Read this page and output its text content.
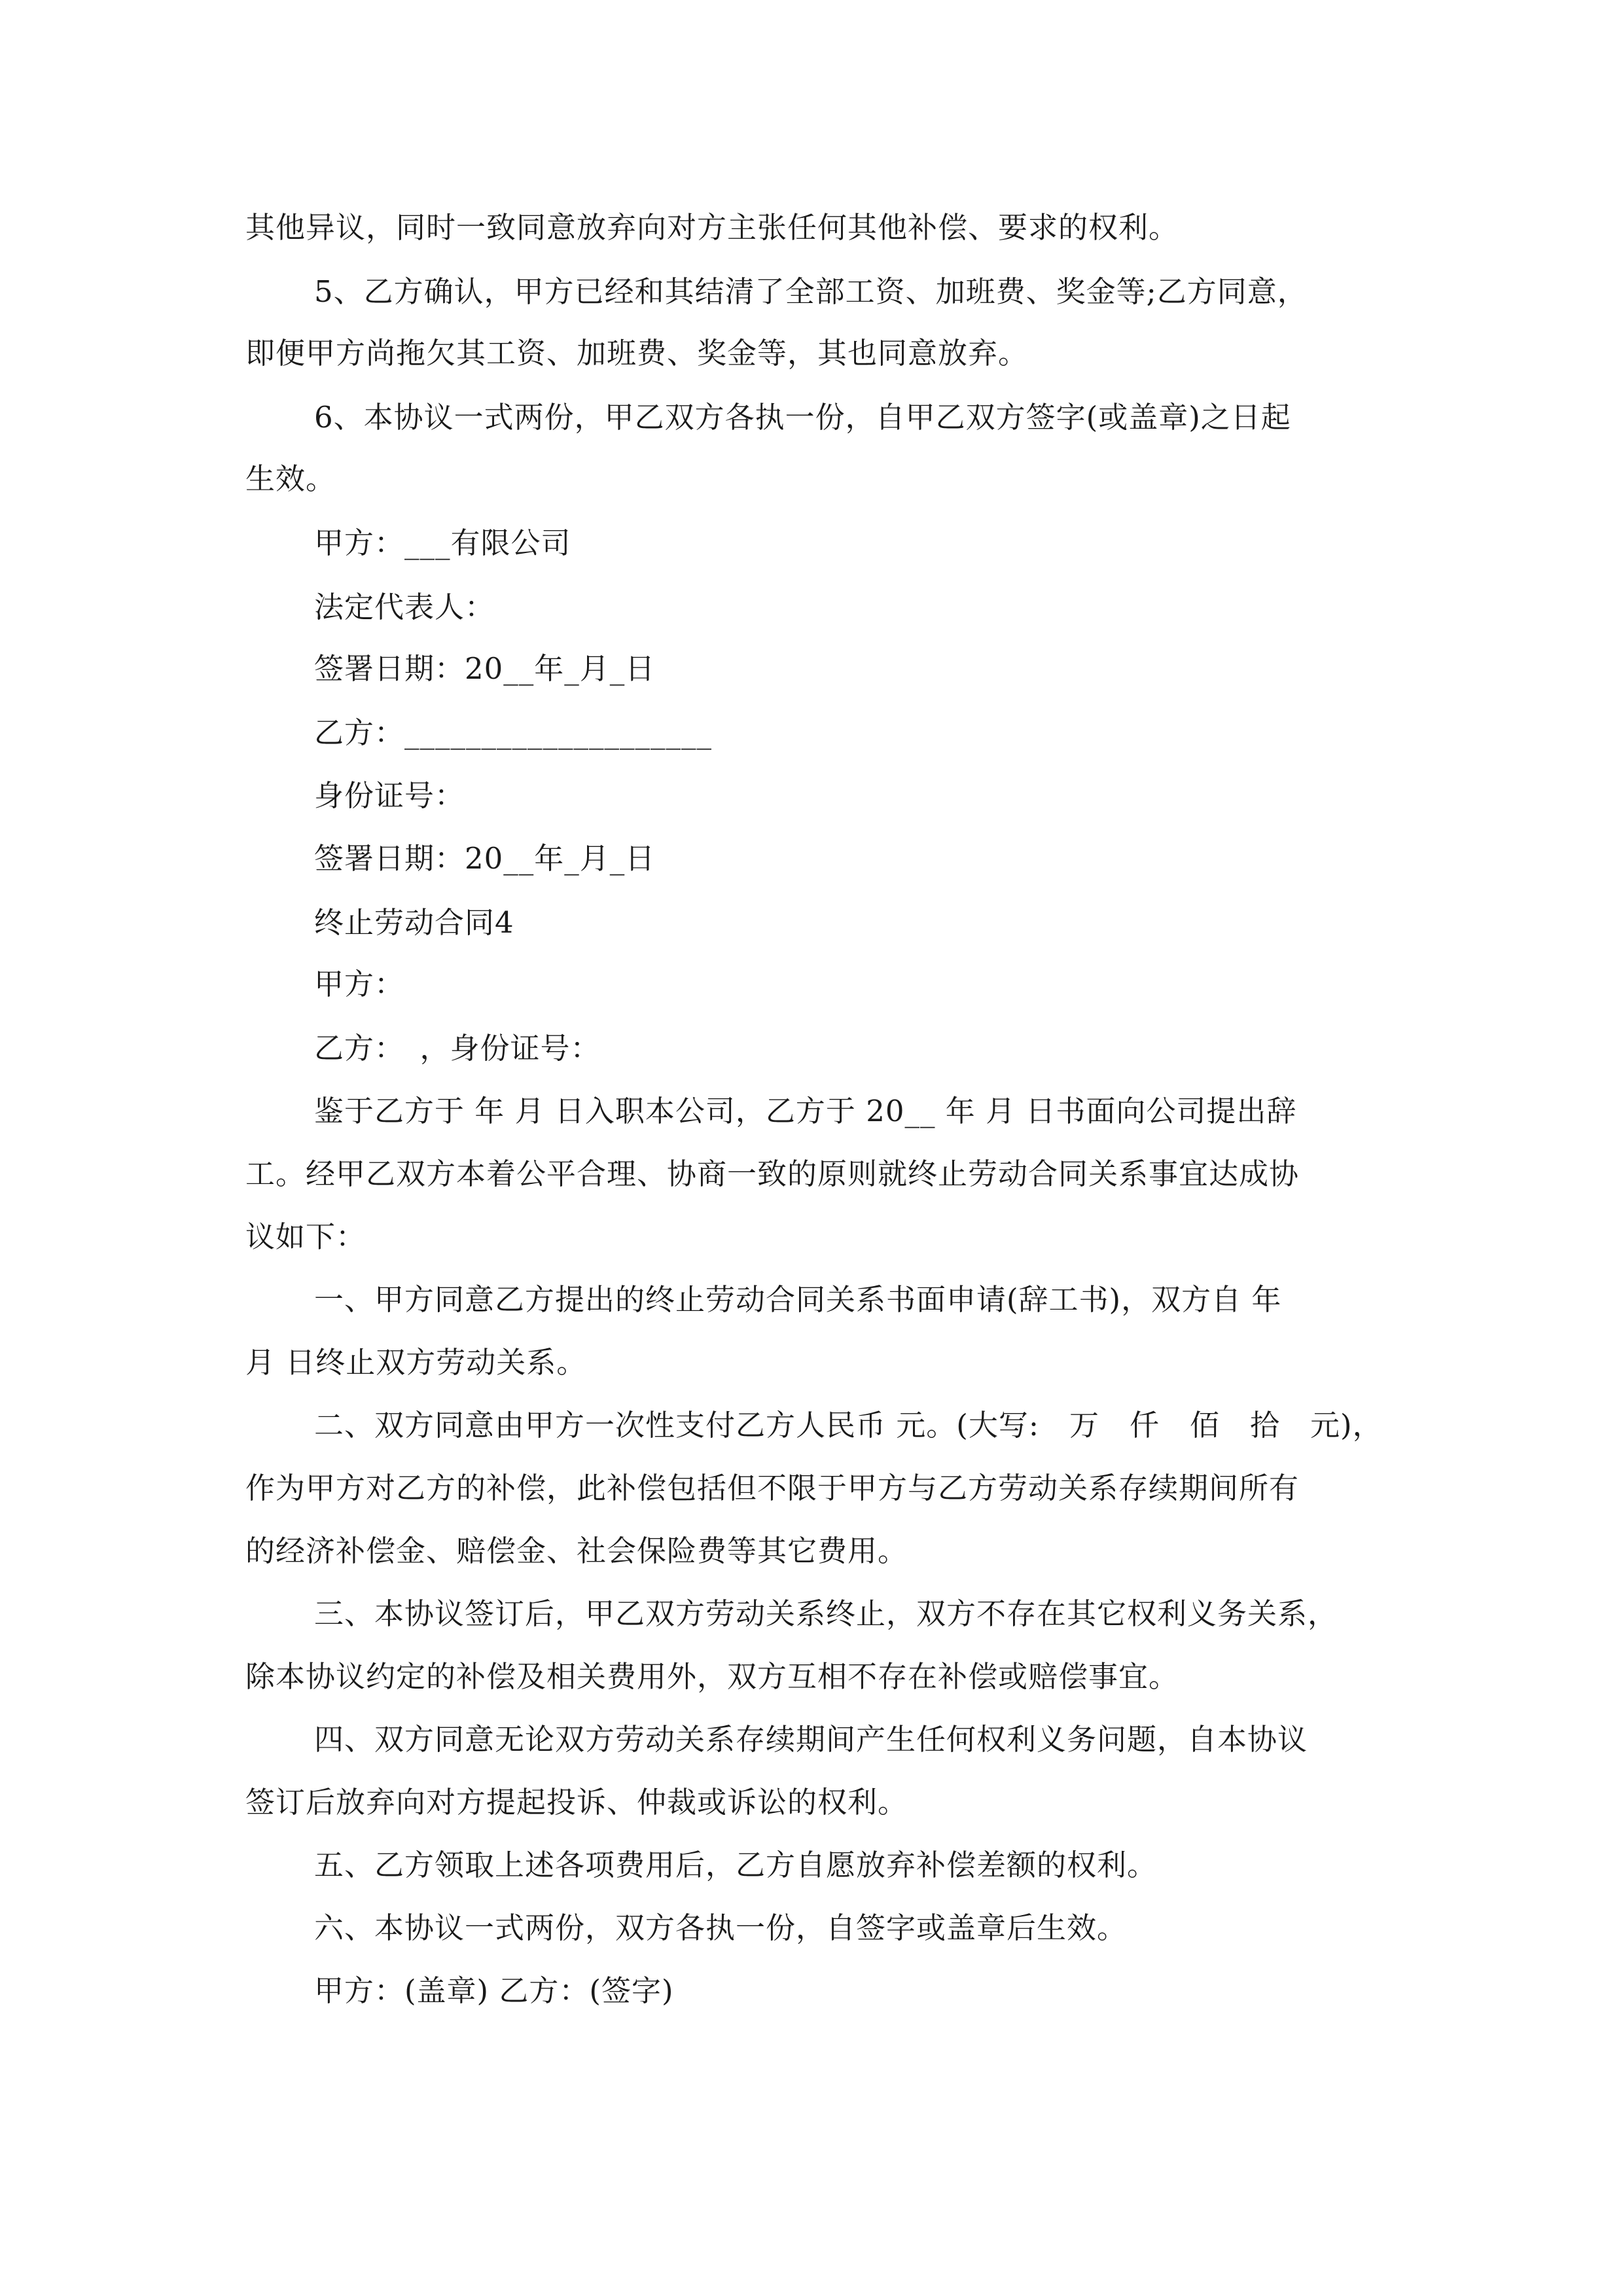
其他异议，同时一致同意放弃向对方主张任何其他补偿、要求的权利。
5、乙方确认，甲方已经和其结清了全部工资、加班费、奖金等;乙方同意，
即便甲方尚拖欠其工资、加班费、奖金等，其也同意放弃。
6、本协议一式两份，甲乙双方各执一份，自甲乙双方签字(或盖章)之日起
生效。
甲方：___有限公司
法定代表人：
签署日期：20__年_月_日
乙方：____________________
身份证号：
签署日期：20__年_月_日
终止劳动合同4
甲方：
乙方：　，身份证号：
鉴于乙方于 年 月 日入职本公司，乙方于 20__ 年 月 日书面向公司提出辞
工。经甲乙双方本着公平合理、协商一致的原则就终止劳动合同关系事宜达成协
议如下：
一、甲方同意乙方提出的终止劳动合同关系书面申请(辞工书)，双方自 年
月 日终止双方劳动关系。
二、双方同意由甲方一次性支付乙方人民币 元。(大写:　万　仟　佰　拾　元)，
作为甲方对乙方的补偿，此补偿包括但不限于甲方与乙方劳动关系存续期间所有
的经济补偿金、赔偿金、社会保险费等其它费用。
三、本协议签订后，甲乙双方劳动关系终止，双方不存在其它权利义务关系，
除本协议约定的补偿及相关费用外，双方互相不存在补偿或赔偿事宜。
四、双方同意无论双方劳动关系存续期间产生任何权利义务问题，自本协议
签订后放弃向对方提起投诉、仲裁或诉讼的权利。
五、乙方领取上述各项费用后，乙方自愿放弃补偿差额的权利。
六、本协议一式两份，双方各执一份，自签字或盖章后生效。
甲方：(盖章) 乙方：(签字)
